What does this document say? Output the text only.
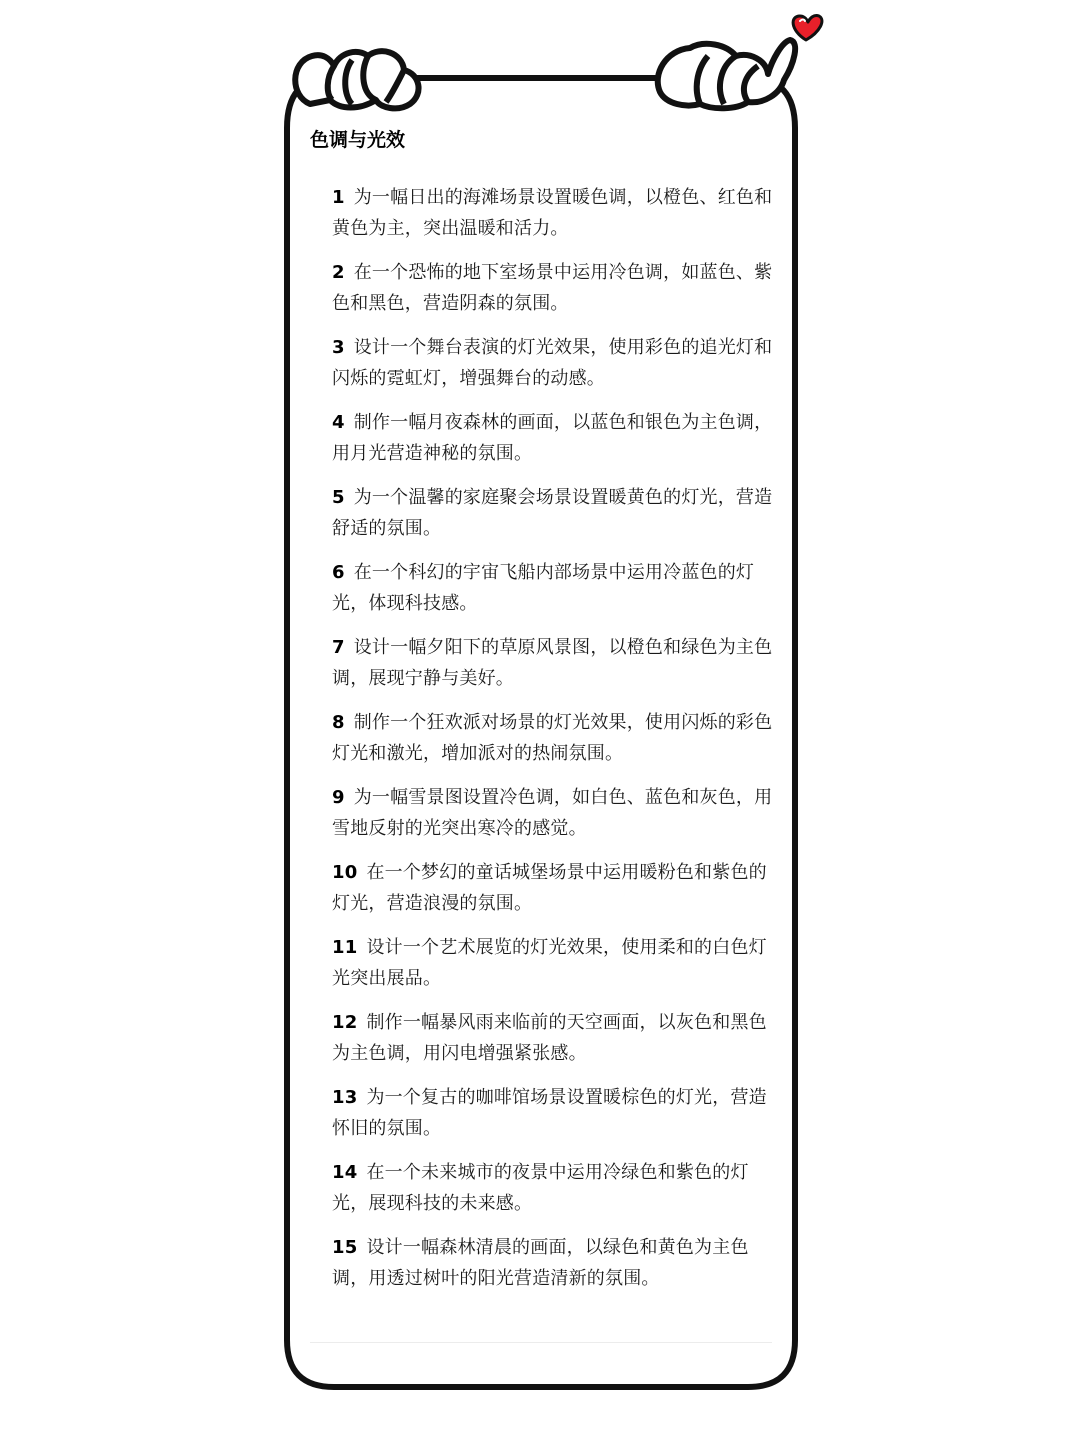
色调与光效
1 为一幅日出的海滩场景设置暖色调，以橙色、红色和黄色为主，突出温暖和活力。
2 在一个恐怖的地下室场景中运用冷色调，如蓝色、紫色和黑色，营造阴森的氛围。
3 设计一个舞台表演的灯光效果，使用彩色的追光灯和闪烁的霓虹灯，增强舞台的动感。
4 制作一幅月夜森林的画面，以蓝色和银色为主色调，用月光营造神秘的氛围。
5 为一个温馨的家庭聚会场景设置暖黄色的灯光，营造舒适的氛围。
6 在一个科幻的宇宙飞船内部场景中运用冷蓝色的灯光，体现科技感。
7 设计一幅夕阳下的草原风景图，以橙色和绿色为主色调，展现宁静与美好。
8 制作一个狂欢派对场景的灯光效果，使用闪烁的彩色灯光和激光，增加派对的热闹氛围。
9 为一幅雪景图设置冷色调，如白色、蓝色和灰色，用雪地反射的光突出寒冷的感觉。
10 在一个梦幻的童话城堡场景中运用暖粉色和紫色的灯光，营造浪漫的氛围。
11 设计一个艺术展览的灯光效果，使用柔和的白色灯光突出展品。
12 制作一幅暴风雨来临前的天空画面，以灰色和黑色为主色调，用闪电增强紧张感。
13 为一个复古的咖啡馆场景设置暖棕色的灯光，营造怀旧的氛围。
14 在一个未来城市的夜景中运用冷绿色和紫色的灯光，展现科技的未来感。
15 设计一幅森林清晨的画面，以绿色和黄色为主色调，用透过树叶的阳光营造清新的氛围。
